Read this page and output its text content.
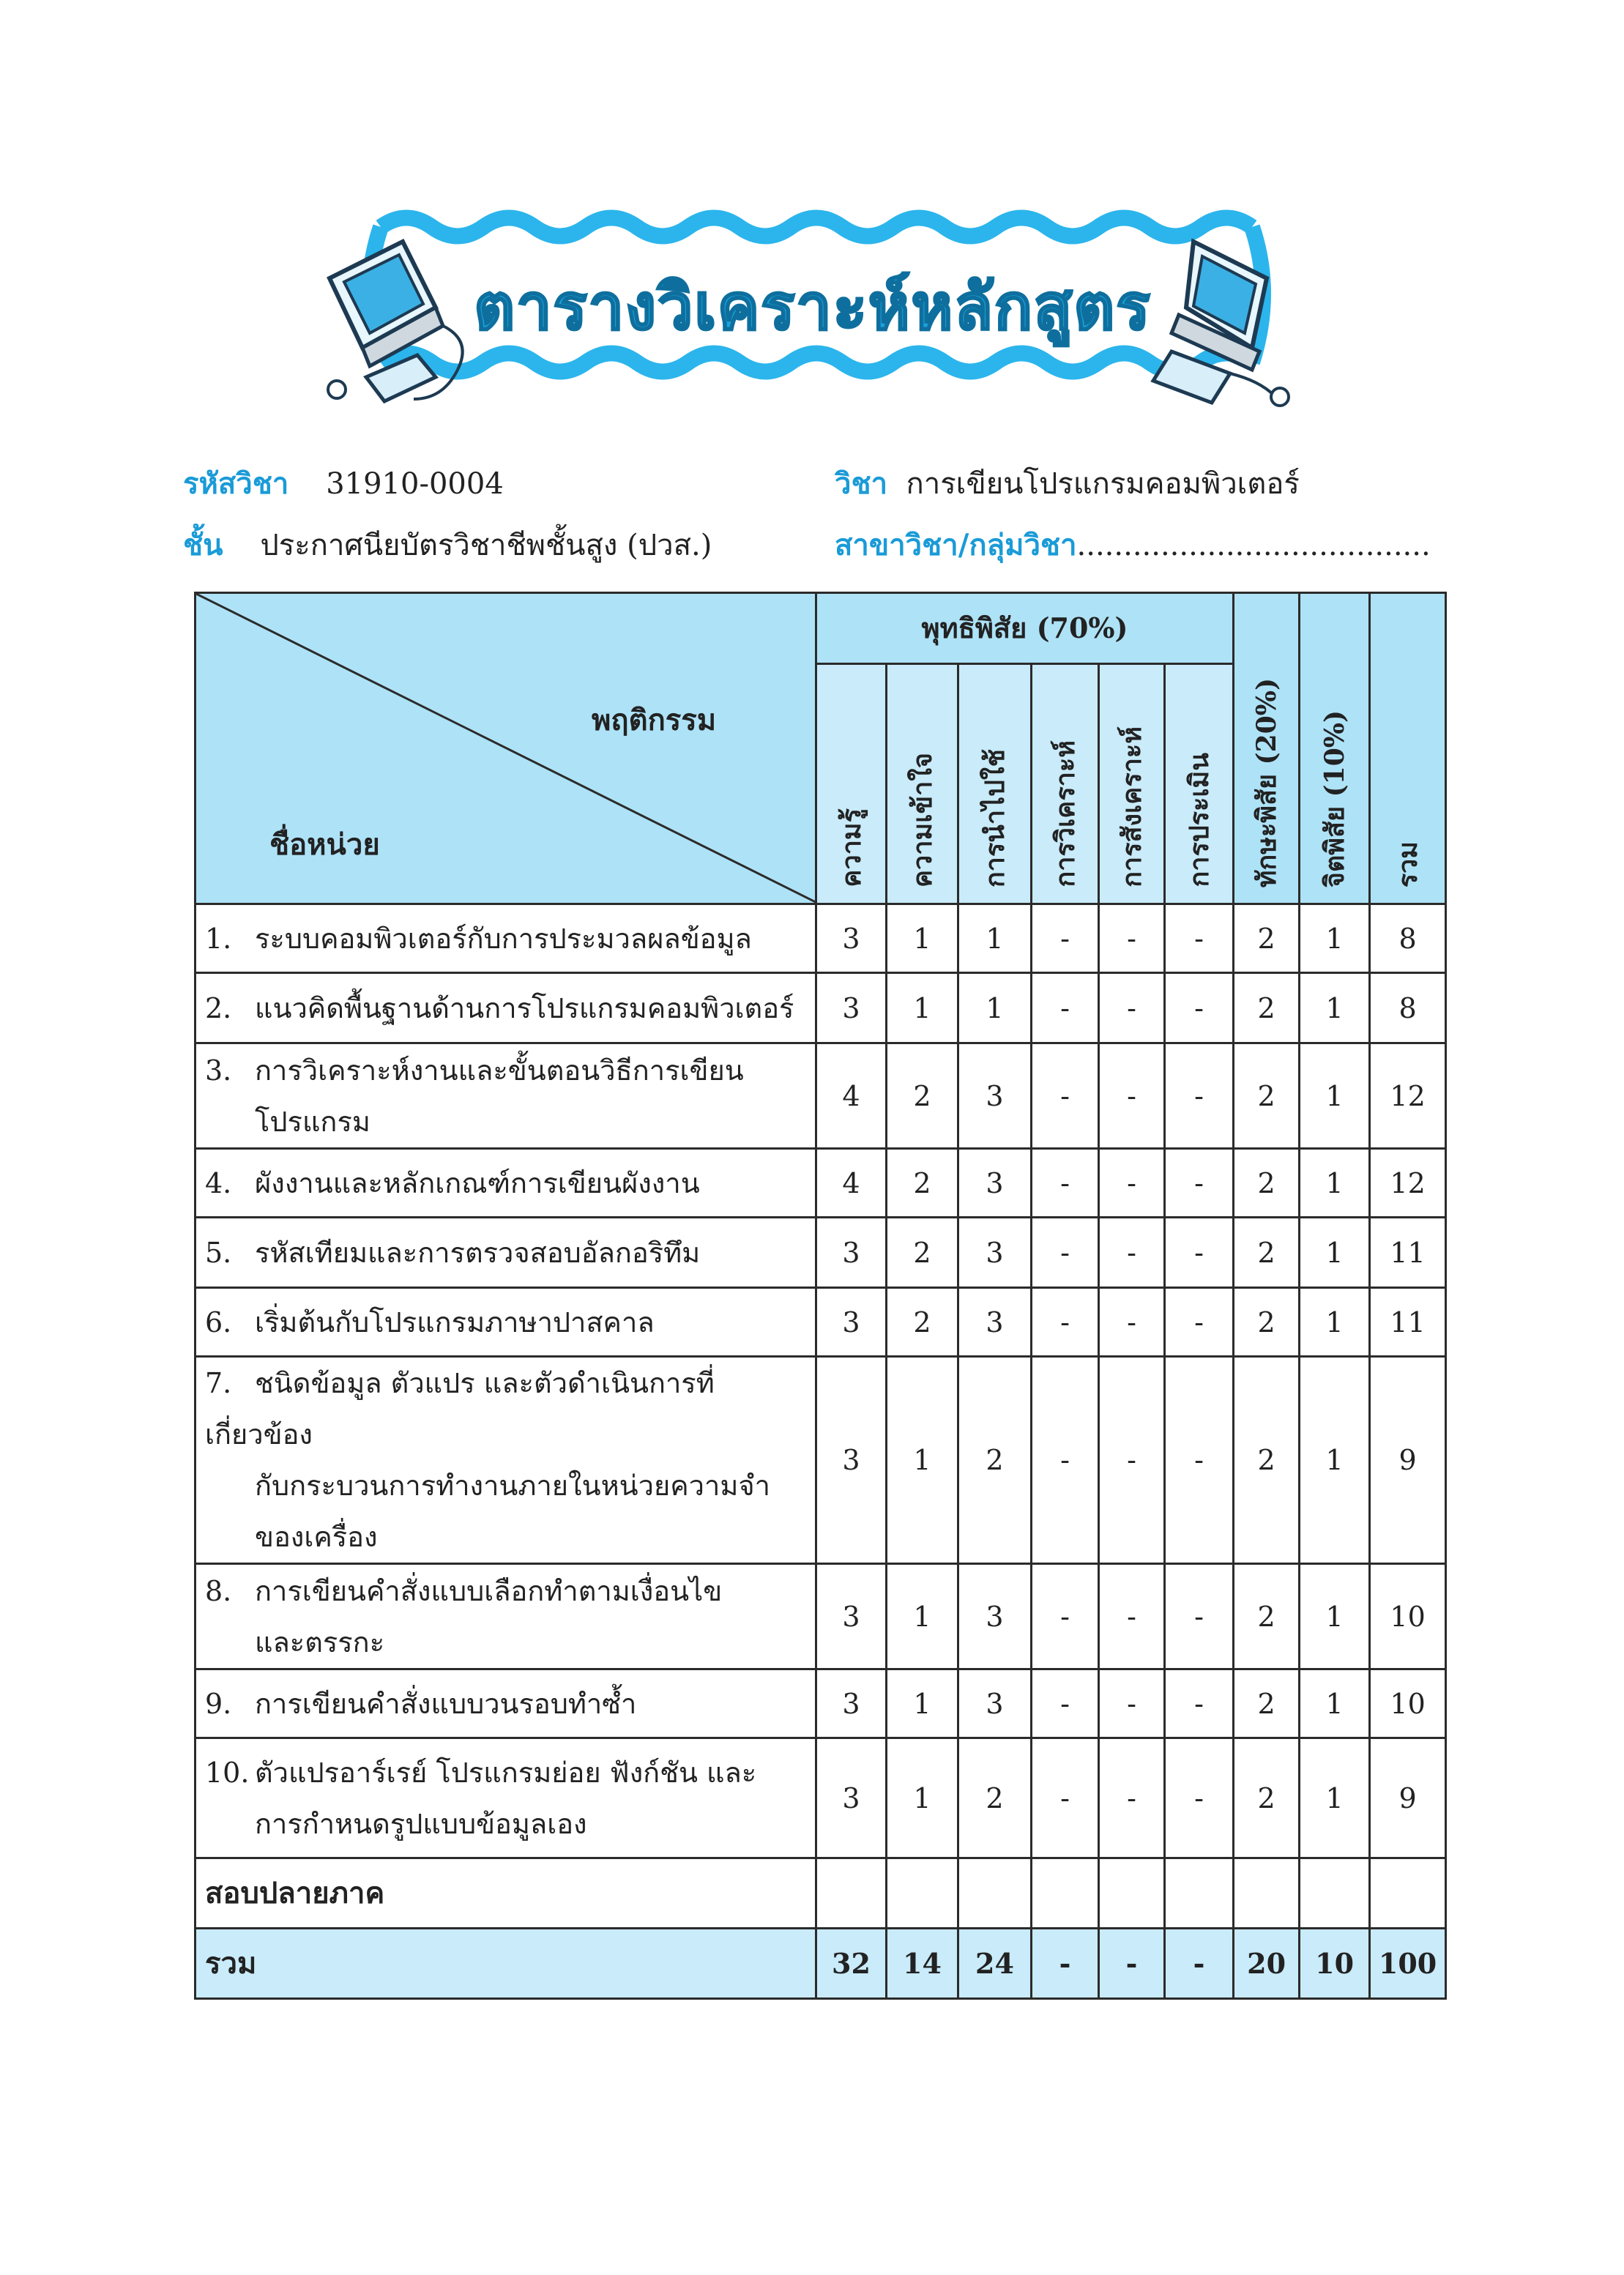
ตารางวิเคราะห์หลักสูตร
รหัสวิชา 31910-0004	วิชา การเขียนโปรแกรมคอมพิวเตอร์
ชั้น ประกาศนียบัตรวิชาชีพชั้นสูง (ปวส.)	สาขาวิชา/กลุ่มวิชา......................................
พฤติกรรม
ชื่อหน่วย	พุทธิพิสัย (70%)						ทักษะพิสัย (20%)	จิตพิสัย (10%)	รวม
	ความรู้	ความเข้าใจ	การนำไปใช้	การวิเคราะห์	การสังเคราะห์	การประเมิน			
1. ระบบคอมพิวเตอร์กับการประมวลผลข้อมูล	3	1	1	-	-	-	2	1	8
2. แนวคิดพื้นฐานด้านการโปรแกรมคอมพิวเตอร์	3	1	1	-	-	-	2	1	8
3. การวิเคราะห์งานและขั้นตอนวิธีการเขียน
โปรแกรม	4	2	3	-	-	-	2	1	12
4. ผังงานและหลักเกณฑ์การเขียนผังงาน	4	2	3	-	-	-	2	1	12
5. รหัสเทียมและการตรวจสอบอัลกอริทึม	3	2	3	-	-	-	2	1	11
6. เริ่มต้นกับโปรแกรมภาษาปาสคาล	3	2	3	-	-	-	2	1	11
7. ชนิดข้อมูล ตัวแปร และตัวดำเนินการที่เกี่ยวข้อง
กับกระบวนการทำงานภายในหน่วยความจำ
ของเครื่อง	3	1	2	-	-	-	2	1	9
8. การเขียนคำสั่งแบบเลือกทำตามเงื่อนไข
และตรรกะ	3	1	3	-	-	-	2	1	10
9. การเขียนคำสั่งแบบวนรอบทำซ้ำ	3	1	3	-	-	-	2	1	10
10. ตัวแปรอาร์เรย์ โปรแกรมย่อย ฟังก์ชัน และ
การกำหนดรูปแบบข้อมูลเอง	3	1	2	-	-	-	2	1	9
สอบปลายภาค									
รวม	32	14	24	-	-	-	20	10	100
